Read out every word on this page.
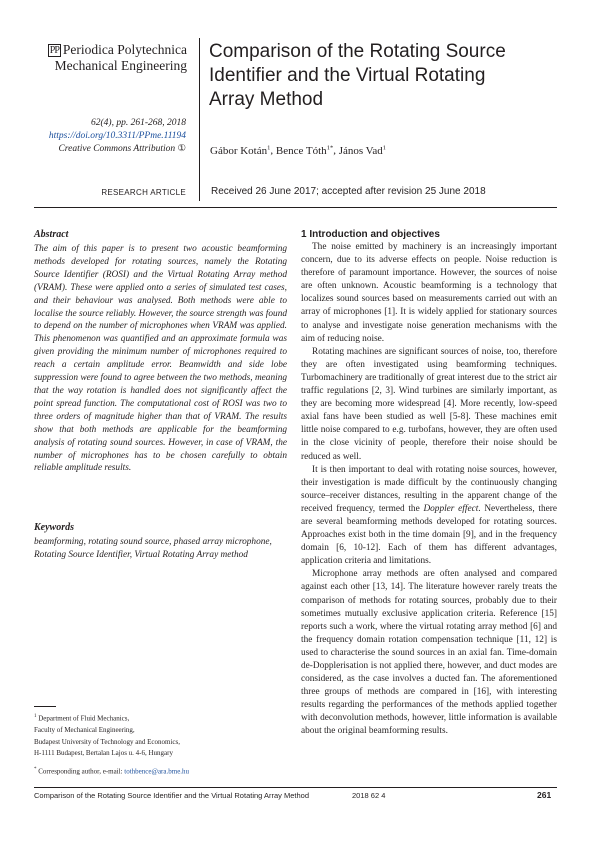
PP Periodica Polytechnica
Mechanical Engineering
62(4), pp. 261-268, 2018
https://doi.org/10.3311/PPme.11194
Creative Commons Attribution ①
Comparison of the Rotating Source Identifier and the Virtual Rotating Array Method
Gábor Kotán$^1$, Bence Tóth$^{1*}$, János Vad$^1$
RESEARCH ARTICLE	Received 26 June 2017; accepted after revision 25 June 2018
Abstract
The aim of this paper is to present two acoustic beamforming methods developed for rotating sources, namely the Rotating Source Identifier (ROSI) and the Virtual Rotating Array method (VRAM). These were applied onto a series of simulated test cases, and their behaviour was analysed. Both methods were able to localise the source reliably. However, the source strength was found to depend on the number of microphones when VRAM was applied. This phenomenon was quantified and an approximate formula was given providing the minimum number of microphones required to reach a certain amplitude error. Beamwidth and side lobe suppression were found to agree between the two methods, meaning that the way rotation is handled does not significantly affect the point spread function. The computational cost of ROSI was two to three orders of magnitude higher than that of VRAM. The results show that both methods are applicable for the beamforming analysis of rotating sound sources. However, in case of VRAM, the number of microphones has to be chosen carefully to obtain reliable amplitude results.
Keywords
beamforming, rotating sound source, phased array microphone, Rotating Source Identifier, Virtual Rotating Array method
$^1$ Department of Fluid Mechanics,
Faculty of Mechanical Engineering,
Budapest University of Technology and Economics,
H-1111 Budapest, Bertalan Lajos u. 4-6, Hungary
* Corresponding author, e-mail: tothbence@ara.bme.hu
1 Introduction and objectives

The noise emitted by machinery is an increasingly important concern, due to its adverse effects on people. Noise reduction is therefore of paramount importance. However, the sources of noise are often unknown. Acoustic beamforming is a technology that localizes sound sources based on measurements carried out with an array of microphones [1]. It is widely applied for stationary sources to analyse and investigate noise generation mechanisms with the aim of reducing noise.

Rotating machines are significant sources of noise, too, therefore they are often investigated using beamforming techniques. Turbomachinery are traditionally of great interest due to the strict air traffic regulations [2, 3]. Wind turbines are similarly important, as they are becoming more widespread [4]. More recently, low-speed axial fans have been studied as well [5-8]. These machines emit little noise compared to e.g. turbofans, however, they are often used in the close vicinity of people, therefore their noise should be reduced as well.

It is then important to deal with rotating noise sources, however, their investigation is made difficult by the continuously changing source–receiver distances, resulting in the apparent change of the received frequency, termed the Doppler effect. Nevertheless, there are several beamforming methods developed for rotating sources. Approaches exist both in the time domain [9], and in the frequency domain [6, 10-12]. Each of them has different advantages, application criteria and limitations.

Microphone array methods are often analysed and compared against each other [13, 14]. The literature however rarely treats the comparison of methods for rotating sources, probably due to their sometimes mutually exclusive application criteria. Reference [15] reports such a work, where the virtual rotating array method [6] and the frequency domain rotation compensation technique [11, 12] is used to characterise the sound sources in an axial fan. Time-domain de-Dopplerisation is not applied there, however, and duct modes are considered, as the case involves a ducted fan. The aforementioned three groups of methods are compared in [16], with interesting results regarding the performances of the methods applied together with deconvolution methods, however, little information is available about the original beamforming results.

Comparison of the Rotating Source Identifier and the Virtual Rotating Array Method	2018 62 4	261
